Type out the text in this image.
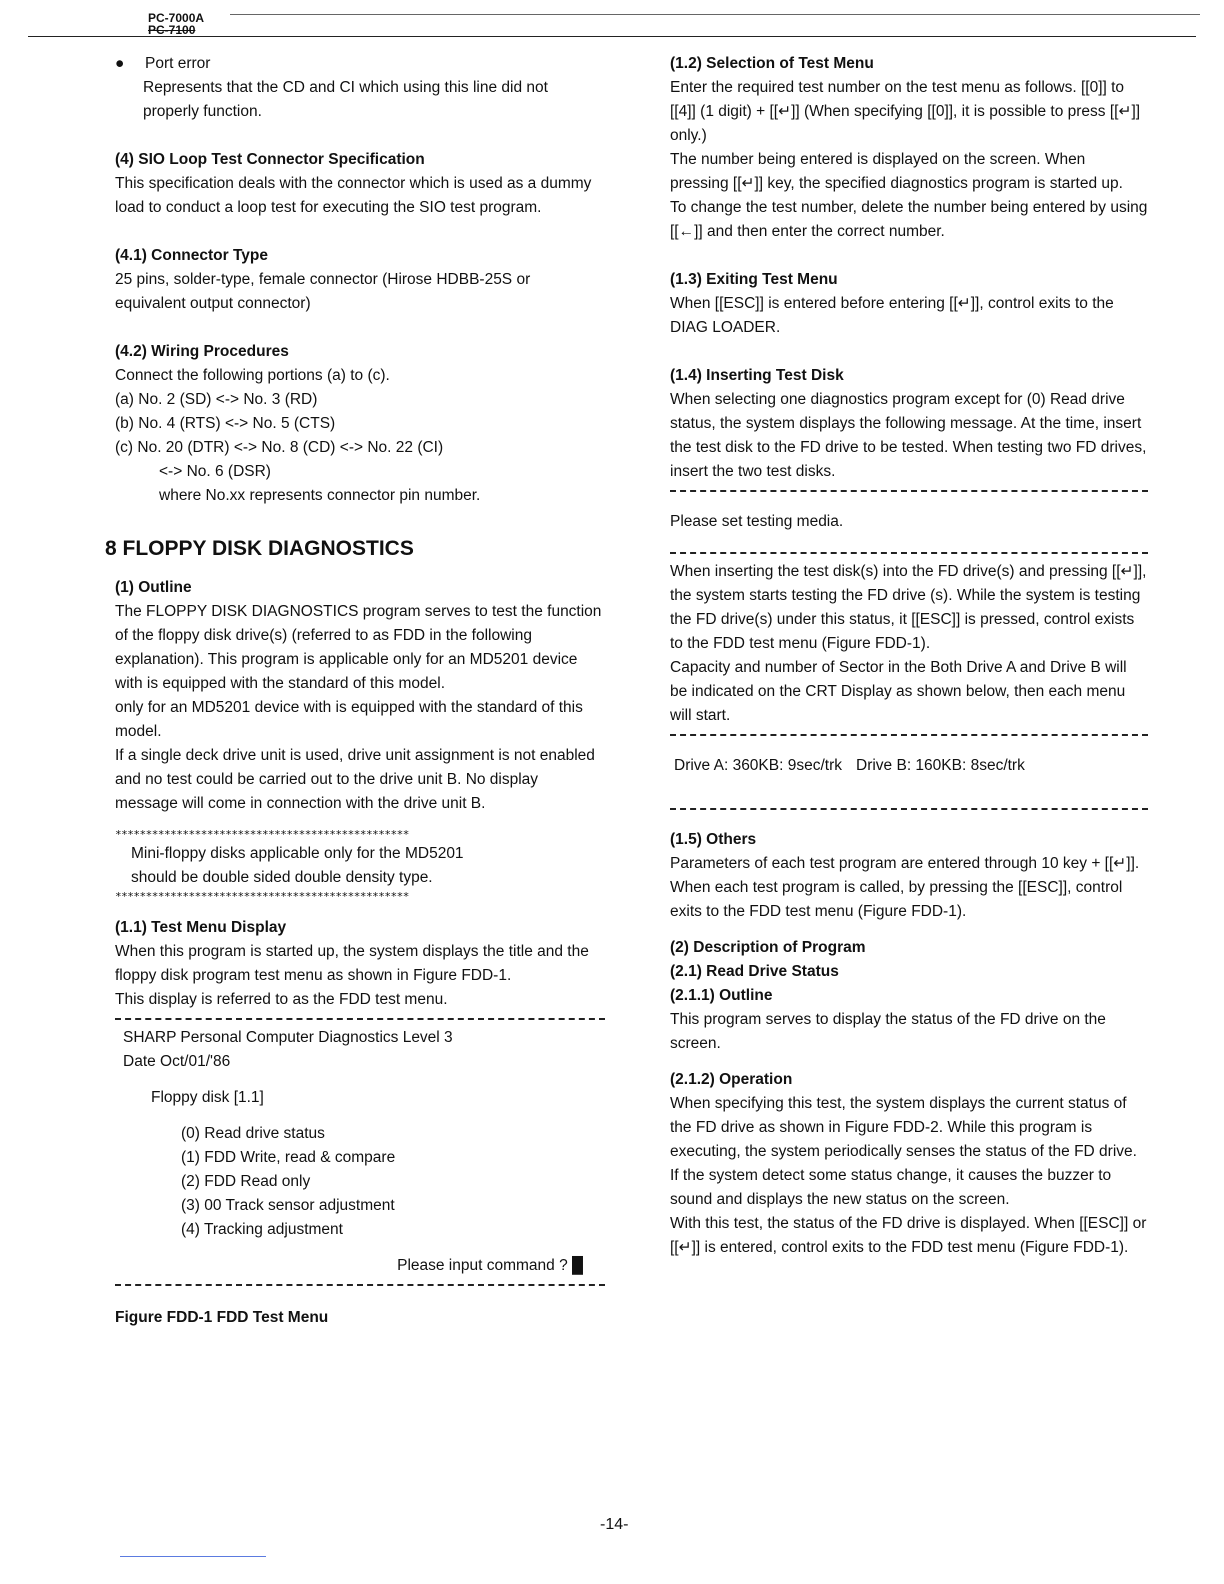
PC-7000A
PC-7100
●	Port error

Represents that the CD and CI which using this line did not properly function.

(4) SIO Loop Test Connector Specification

This specification deals with the connector which is used as a dummy load to conduct a loop test for executing the SIO test program.

(4.1) Connector Type

25 pins, solder-type, female connector (Hirose HDBB-25S or equivalent output connector)

(4.2) Wiring Procedures

Connect the following portions (a) to (c).

(a) No. 2 (SD) <-> No. 3 (RD)

(b) No. 4 (RTS) <-> No. 5 (CTS)

(c) No. 20 (DTR) <-> No. 8 (CD) <-> No. 22 (CI)

<-> No. 6 (DSR)

where No.xx represents connector pin number.

8 FLOPPY DISK DIAGNOSTICS

(1) Outline

The FLOPPY DISK DIAGNOSTICS program serves to test the function of the floppy disk drive(s) (referred to as FDD in the following explanation). This program is applicable only for an MD5201 device with is equipped with the standard of this model.

only for an MD5201 device with is equipped with the standard of this model.

If a single deck drive unit is used, drive unit assignment is not enabled and no test could be carried out to the drive unit B. No display message will come in connection with the drive unit B.

************************************************

Mini-floppy disks applicable only for the MD5201

should be double sided double density type.

************************************************

(1.1) Test Menu Display

When this program is started up, the system displays the title and the floppy disk program test menu as shown in Figure FDD-1.

This display is referred to as the FDD test menu.

SHARP Personal Computer Diagnostics Level 3

Date Oct/01/'86

Floppy disk [1.1]

(0) Read drive status

(1) FDD Write, read & compare

(2) FDD Read only

(3) 00 Track sensor adjustment

(4) Tracking adjustment

Please input command ? █

Figure FDD-1 FDD Test Menu

(1.2) Selection of Test Menu

Enter the required test number on the test menu as follows. [[0]] to [[4]] (1 digit) + [[↵]] (When specifying [[0]], it is possible to press [[↵]] only.)

The number being entered is displayed on the screen. When pressing [[↵]] key, the specified diagnostics program is started up.

To change the test number, delete the number being entered by using [[←]] and then enter the correct number.

(1.3) Exiting Test Menu

When [[ESC]] is entered before entering [[↵]], control exits to the DIAG LOADER.

(1.4) Inserting Test Disk

When selecting one diagnostics program except for (0) Read drive status, the system displays the following message. At the time, insert the test disk to the FD drive to be tested. When testing two FD drives, insert the two test disks.

Please set testing media.

When inserting the test disk(s) into the FD drive(s) and pressing [[↵]], the system starts testing the FD drive (s). While the system is testing the FD drive(s) under this status, it [[ESC]] is pressed, control exists to the FDD test menu (Figure FDD-1).

Capacity and number of Sector in the Both Drive A and Drive B will be indicated on the CRT Display as shown below, then each menu will start.

Drive A: 360KB: 9sec/trk Drive B: 160KB: 8sec/trk

(1.5) Others

Parameters of each test program are entered through 10 key + [[↵]]. When each test program is called, by pressing the [[ESC]], control exits to the FDD test menu (Figure FDD-1).

(2) Description of Program

(2.1) Read Drive Status

(2.1.1) Outline

This program serves to display the status of the FD drive on the screen.

(2.1.2) Operation

When specifying this test, the system displays the current status of the FD drive as shown in Figure FDD-2. While this program is executing, the system periodically senses the status of the FD drive. If the system detect some status change, it causes the buzzer to sound and displays the new status on the screen.

With this test, the status of the FD drive is displayed. When [[ESC]] or [[↵]] is entered, control exits to the FDD test menu (Figure FDD-1).

-14-
